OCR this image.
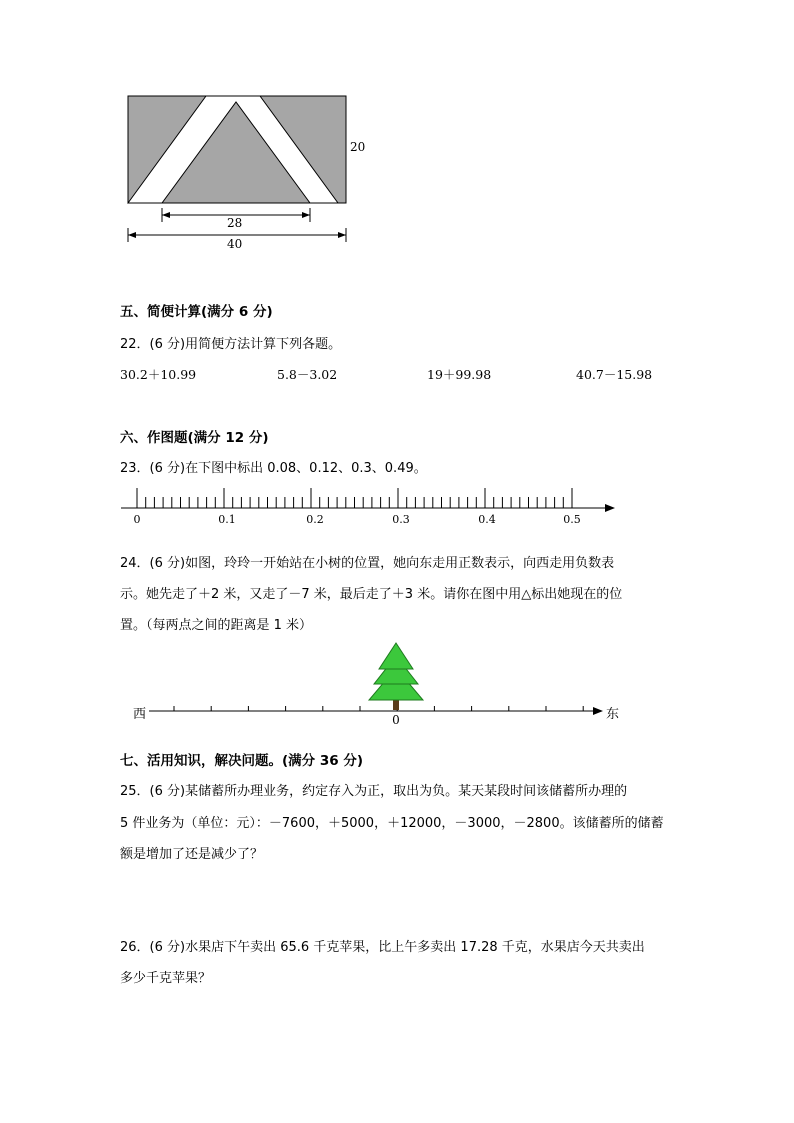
20
28
40
五、简便计算(满分 6 分)
22．(6 分)用简便方法计算下列各题。
30.2＋10.99	5.8－3.02	19＋99.98	40.7－15.98
六、作图题(满分 12 分)
23．(6 分)在下图中标出 0.08、0.12、0.3、0.49。
0	0.1	0.2	0.3	0.4	0.5
24．(6 分)如图，玲玲一开始站在小树的位置，她向东走用正数表示，向西走用负数表
示。她先走了＋2 米，又走了－7 米，最后走了＋3 米。请你在图中用△标出她现在的位
置。（每两点之间的距离是 1 米）
西	东
0
七、活用知识，解决问题。(满分 36 分)
25．(6 分)某储蓄所办理业务，约定存入为正，取出为负。某天某段时间该储蓄所办理的
5 件业务为（单位：元）：－7600，＋5000，＋12000，－3000，－2800。该储蓄所的储蓄
额是增加了还是减少了？
26．(6 分)水果店下午卖出 65.6 千克苹果，比上午多卖出 17.28 千克，水果店今天共卖出
多少千克苹果？
